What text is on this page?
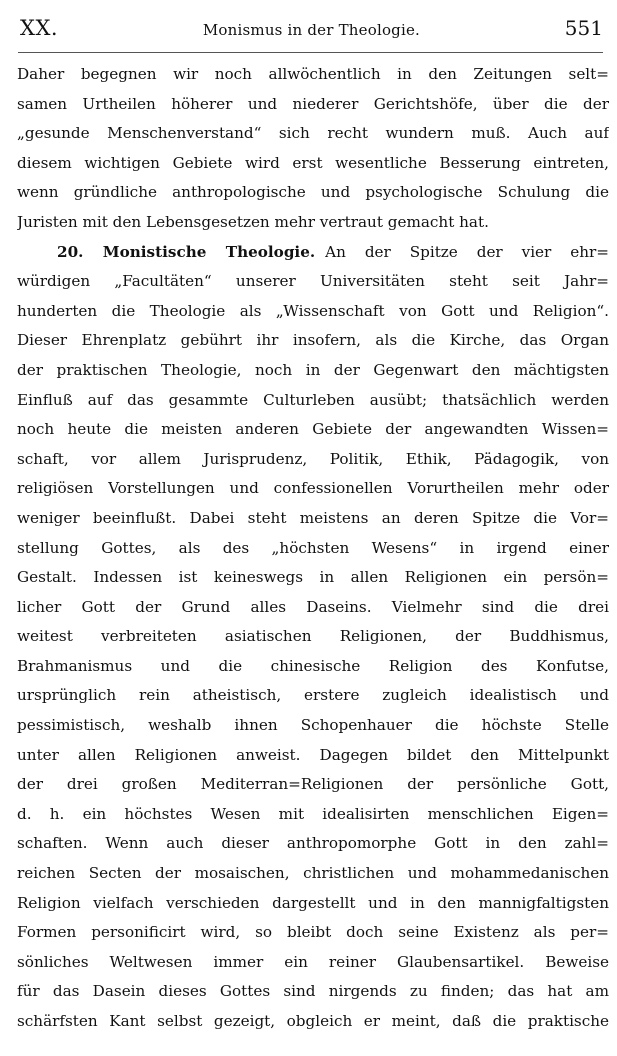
XX.	Monismus in der Theologie.	551
Daher begegnen wir noch allwöchentlich in den Zeitungen selt=
samen Urtheilen höherer und niederer Gerichtshöfe, über die der
„gesunde Menschenverstand“ sich recht wundern muß. Auch auf
diesem wichtigen Gebiete wird erst wesentliche Besserung eintreten,
wenn gründliche anthropologische und psychologische Schulung die
Juristen mit den Lebensgesetzen mehr vertraut gemacht hat.
20. Monistische Theologie. An der Spitze der vier ehr=
würdigen „Facultäten“ unserer Universitäten steht seit Jahr=
hunderten die Theologie als „Wissenschaft von Gott und Religion“.
Dieser Ehrenplatz gebührt ihr insofern, als die Kirche, das Organ
der praktischen Theologie, noch in der Gegenwart den mächtigsten
Einfluß auf das gesammte Culturleben ausübt; thatsächlich werden
noch heute die meisten anderen Gebiete der angewandten Wissen=
schaft, vor allem Jurisprudenz, Politik, Ethik, Pädagogik, von
religiösen Vorstellungen und confessionellen Vorurtheilen mehr oder
weniger beeinflußt. Dabei steht meistens an deren Spitze die Vor=
stellung Gottes, als des „höchsten Wesens“ in irgend einer
Gestalt. Indessen ist keineswegs in allen Religionen ein persön=
licher Gott der Grund alles Daseins. Vielmehr sind die drei
weitest verbreiteten asiatischen Religionen, der Buddhismus,
Brahmanismus und die chinesische Religion des Konfutse,
ursprünglich rein atheistisch, erstere zugleich idealistisch und
pessimistisch, weshalb ihnen Schopenhauer die höchste Stelle
unter allen Religionen anweist. Dagegen bildet den Mittelpunkt
der drei großen Mediterran=Religionen der persönliche Gott,
d. h. ein höchstes Wesen mit idealisirten menschlichen Eigen=
schaften. Wenn auch dieser anthropomorphe Gott in den zahl=
reichen Secten der mosaischen, christlichen und mohammedanischen
Religion vielfach verschieden dargestellt und in den mannigfaltigsten
Formen personificirt wird, so bleibt doch seine Existenz als per=
sönliches Weltwesen immer ein reiner Glaubensartikel. Beweise
für das Dasein dieses Gottes sind nirgends zu finden; das hat am
schärfsten Kant selbst gezeigt, obgleich er meint, daß die praktische
